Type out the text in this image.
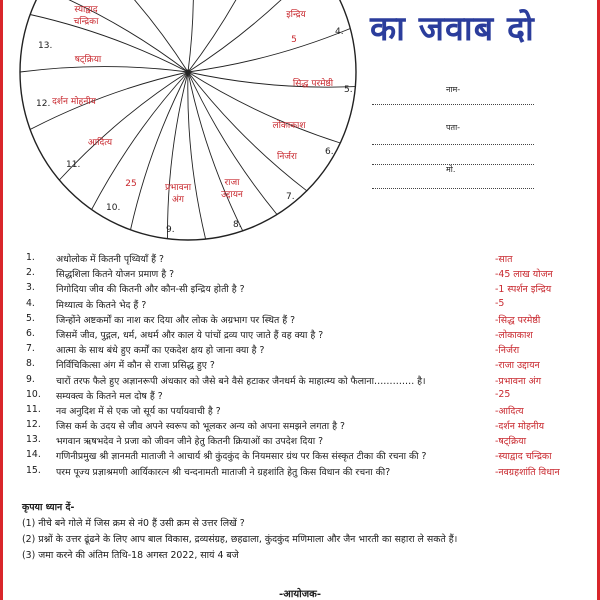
4.
5.
6.
7.
8.
9.
10.
11.
12.
13.
स्याद्वाद चन्द्रिका
षट्क्रिया
दर्शन मोहनीय
आदित्य
25	प्रभावना अंग
राजा उद्दायन
निर्जरा
लोकाकाश
सिद्ध परमेष्ठी
5
इन्द्रिय का जवाब दो
नाम-
पता-
मो.
1.	अधोलोक में कितनी पृथ्वियाँ हैं ?	-सात
2.	सिद्धशिला कितने योजन प्रमाण है ?	-45 लाख योजन
3.	निगोदिया जीव की कितनी और कौन-सी इन्द्रिय होती है ?	-1 स्पर्शन इन्द्रिय
4.	मिथ्यात्व के कितने भेद हैं ?	-5
5.	जिन्होंने अष्टकर्मों का नाश कर दिया और लोक के अग्रभाग पर स्थित हैं ?	-सिद्ध परमेष्ठी
6.	जिसमें जीव, पुद्गल, धर्म, अधर्म और काल ये पांचों द्रव्य पाए जाते हैं वह क्या है ?	-लोकाकाश
7.	आत्मा के साथ बंधे हुए कर्मों का एकदेश क्षय हो जाना क्या है ?	-निर्जरा
8.	निर्विचिकित्सा अंग में कौन से राजा प्रसिद्ध हुए ?	-राजा उद्दायन
9.	चारों तरफ फैले हुए अज्ञानरूपी अंधकार को जैसे बने वैसे हटाकर जैनधर्म के माहात्म्य को फैलाना…………. है।	-प्रभावना अंग
10.	सम्यक्त्व के कितने मल दोष हैं ?	-25
11.	नव अनुदिश में से एक जो सूर्य का पर्यायवाची है ?	-आदित्य
12.	जिस कर्म के उदय से जीव अपने स्वरूप को भूलकर अन्य को अपना समझने लगता है ?	-दर्शन मोहनीय
13.	भगवान ऋषभदेव ने प्रजा को जीवन जीने हेतु कितनी क्रियाओं का उपदेश दिया ?	-षट्क्रिया
14.	गणिनीप्रमुख श्री ज्ञानमती माताजी ने आचार्य श्री कुंदकुंद के नियमसार ग्रंथ पर किस संस्कृत टीका की रचना की ?	-स्याद्वाद चन्द्रिका
15.	परम पूज्य प्रज्ञाश्रमणी आर्यिकारत्न श्री चन्दनामती माताजी ने ग्रहशांति हेतु किस विधान की रचना की?	-नवग्रहशांति विधान
कृपया ध्यान दें-
(1) नीचे बने गोले में जिस क्रम से नं0 हैं उसी क्रम से उत्तर लिखें ?
(2) प्रश्नों के उत्तर ढूंढने के लिए आप बाल विकास, द्रव्यसंग्रह, छहढाला, कुंदकुंद मणिमाला और जैन भारती का सहारा ले सकते हैं।
(3) जमा करने की अंतिम तिथि-18 अगस्त 2022, सायं 4 बजे
-आयोजक-
